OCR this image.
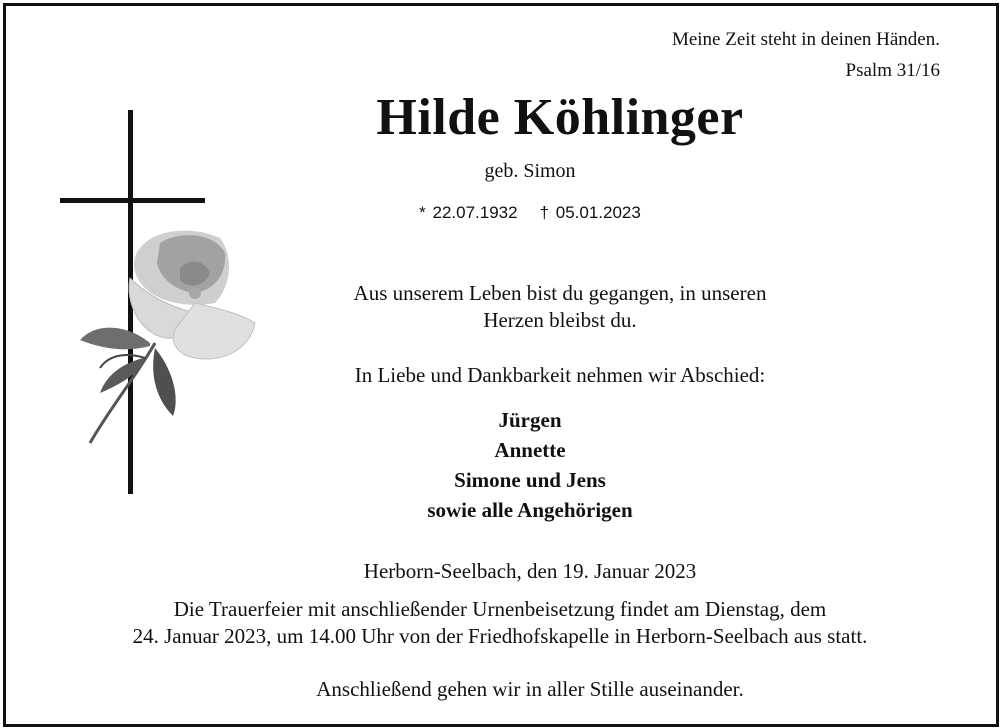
Meine Zeit steht in deinen Händen.
Psalm 31/16
Hilde Köhlinger
geb. Simon
* 22.07.1932 † 05.01.2023
Aus unserem Leben bist du gegangen, in unseren
Herzen bleibst du.
In Liebe und Dankbarkeit nehmen wir Abschied:
Jürgen
Annette
Simone und Jens
sowie alle Angehörigen
Herborn-Seelbach, den 19. Januar 2023
Die Trauerfeier mit anschließender Urnenbeisetzung findet am Dienstag, dem
24. Januar 2023, um 14.00 Uhr von der Friedhofskapelle in Herborn-Seelbach aus statt.
Anschließend gehen wir in aller Stille auseinander.
